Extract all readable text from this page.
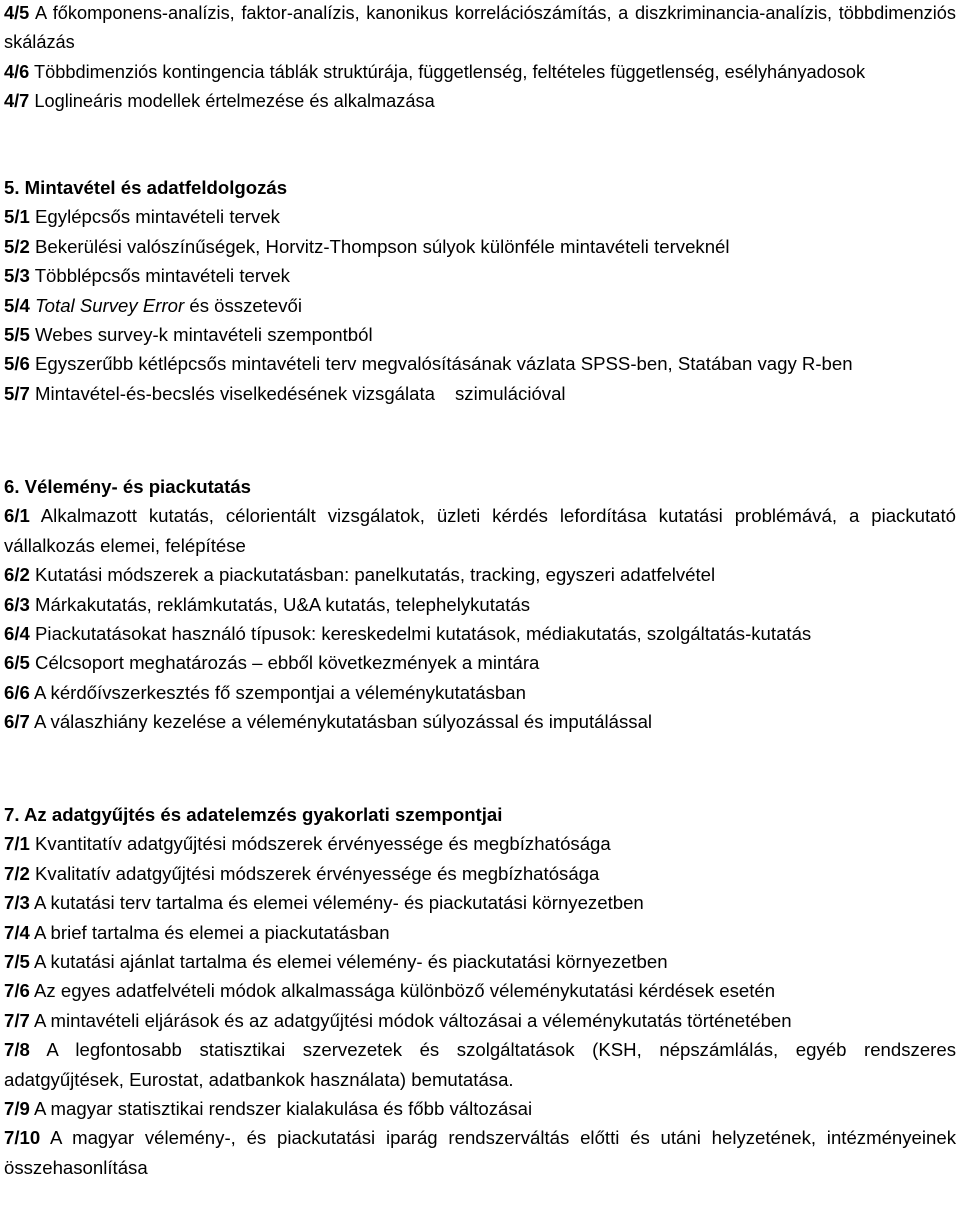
4/5 A főkomponens-analízis, faktor-analízis, kanonikus korrelációszámítás, a diszkriminancia-analízis, többdimenziós skálázás
4/6 Többdimenziós kontingencia táblák struktúrája, függetlenség, feltételes függetlenség, esélyhányadosok
4/7 Loglineáris modellek értelmezése és alkalmazása
5. Mintavétel és adatfeldolgozás
5/1 Egylépcsős mintavételi tervek
5/2 Bekerülési valószínűségek, Horvitz-Thompson súlyok különféle mintavételi terveknél
5/3 Többlépcsős mintavételi tervek
5/4 Total Survey Error és összetevői
5/5 Webes survey-k mintavételi szempontból
5/6 Egyszerűbb kétlépcsős mintavételi terv megvalósításának vázlata SPSS-ben, Statában vagy R-ben
5/7 Mintavétel-és-becslés viselkedésének vizsgálata szimulációval
6. Vélemény- és piackutatás
6/1 Alkalmazott kutatás, célorientált vizsgálatok, üzleti kérdés lefordítása kutatási problémává, a piackutató vállalkozás elemei, felépítése
6/2 Kutatási módszerek a piackutatásban: panelkutatás, tracking, egyszeri adatfelvétel
6/3 Márkakutatás, reklámkutatás, U&A kutatás, telephelykutatás
6/4 Piackutatásokat használó típusok: kereskedelmi kutatások, médiakutatás, szolgáltatás-kutatás
6/5 Célcsoport meghatározás – ebből következmények a mintára
6/6 A kérdőívszerkesztés fő szempontjai a véleménykutatásban
6/7 A válaszhiány kezelése a véleménykutatásban súlyozással és imputálással
7. Az adatgyűjtés és adatelemzés gyakorlati szempontjai
7/1 Kvantitatív adatgyűjtési módszerek érvényessége és megbízhatósága
7/2 Kvalitatív adatgyűjtési módszerek érvényessége és megbízhatósága
7/3 A kutatási terv tartalma és elemei vélemény- és piackutatási környezetben
7/4 A brief tartalma és elemei a piackutatásban
7/5 A kutatási ajánlat tartalma és elemei vélemény- és piackutatási környezetben
7/6 Az egyes adatfelvételi módok alkalmassága különböző véleménykutatási kérdések esetén
7/7 A mintavételi eljárások és az adatgyűjtési módok változásai a véleménykutatás történetében
7/8 A legfontosabb statisztikai szervezetek és szolgáltatások (KSH, népszámlálás, egyéb rendszeres adatgyűjtések, Eurostat, adatbankok használata) bemutatása.
7/9 A magyar statisztikai rendszer kialakulása és főbb változásai
7/10 A magyar vélemény-, és piackutatási iparág rendszerváltás előtti és utáni helyzetének, intézményeinek összehasonlítása
